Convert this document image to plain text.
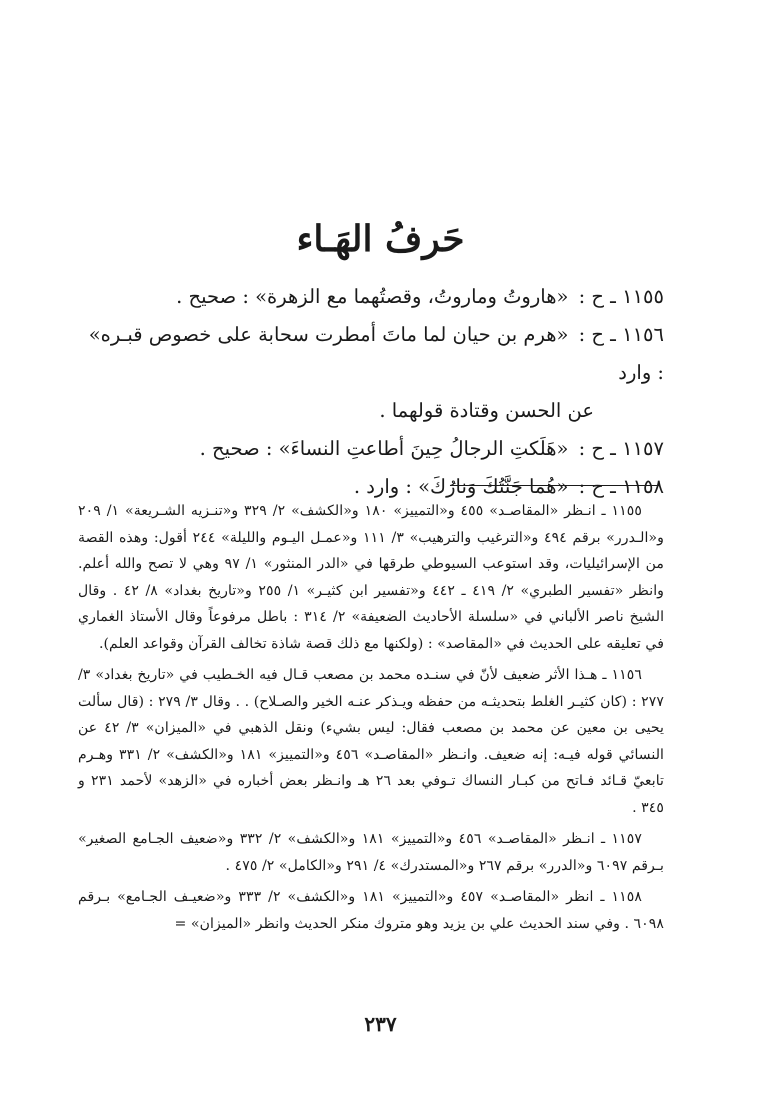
حَرفُ الهَـاء

١١٥٥ ـ ح : «هاروتُ وماروتُ، وقصتُهما مع الزهرة» : صحيح .

١١٥٦ ـ ح : «هرم بن حيان لما ماتَ أمطرت سحابة على خصوص قبـره» : وارد
عن الحسن وقتادة قولهما .

١١٥٧ ـ ح : «هَلَكتِ الرجالُ حِينَ أطاعتِ النساءَ» : صحيح .

١١٥٨ ـ ح : «هُما جَنَّتُكَ وَنارُكَ» : وارد .

١١٥٥ ـ انـظر «المقاصـد» ٤٥٥ و«التمييز» ١٨٠ و«الكشف» ٢/ ٣٢٩ و«تنـزيه الشـريعة» ١/ ٢٠٩ و«الـدرر» برقم ٤٩٤ و«الترغيب والترهيب» ٣/ ١١١ و«عمـل اليـوم والليلة» ٢٤٤ أقول: وهذه القصة من الإسرائيليات، وقد استوعب السيوطي طرقها في «الدر المنثور» ١/ ٩٧ وهي لا تصح والله أعلم. وانظر «تفسير الطبري» ٢/ ٤١٩ ـ ٤٤٢ و«تفسير ابن كثيـر» ١/ ٢٥٥ و«تاريخ بغداد» ٨/ ٤٢ . وقال الشيخ ناصر الألباني في «سلسلة الأحاديث الضعيفة» ٢/ ٣١٤ : باطل مرفوعاً وقال الأستاذ الغماري في تعليقه على الحديث في «المقاصد» : (ولكنها مع ذلك قصة شاذة تخالف القرآن وقواعد العلم).

١١٥٦ ـ هـذا الأثر ضعيف لأنّ في سنـده محمد بن مصعب قـال فيه الخـطيب في «تاريخ بغداد» ٣/ ٢٧٧ : (كان كثيـر الغلط بتحديثـه من حفظه ويـذكر عنـه الخير والصـلاح) . . وقال ٣/ ٢٧٩ : (قال سألت يحيى بن معين عن محمد بن مصعب فقال: ليس بشيء) ونقل الذهبي في «الميزان» ٣/ ٤٢ عن النسائي قوله فيـه: إنه ضعيف. وانـظر «المقاصـد» ٤٥٦ و«التمييز» ١٨١ و«الكشف» ٢/ ٣٣١ وهـرم تابعيّ قـائد فـاتح من كبـار النساك تـوفي بعد ٢٦ هـ وانـظر بعض أخباره في «الزهد» لأحمد ٢٣١ و ٣٤٥ .

١١٥٧ ـ انـظر «المقاصـد» ٤٥٦ و«التمييز» ١٨١ و«الكشف» ٢/ ٣٣٢ و«ضعيف الجـامع الصغير» بـرقم ٦٠٩٧ و«الدرر» برقم ٢٦٧ و«المستدرك» ٤/ ٢٩١ و«الكامل» ٢/ ٤٧٥ .

١١٥٨ ـ انظر «المقاصـد» ٤٥٧ و«التمييز» ١٨١ و«الكشف» ٢/ ٣٣٣ و«ضعيـف الجـامع» بـرقم ٦٠٩٨ . وفي سند الحديث علي بن يزيد وهو متروك منكر الحديث وانظر «الميزان» =

٢٣٧
